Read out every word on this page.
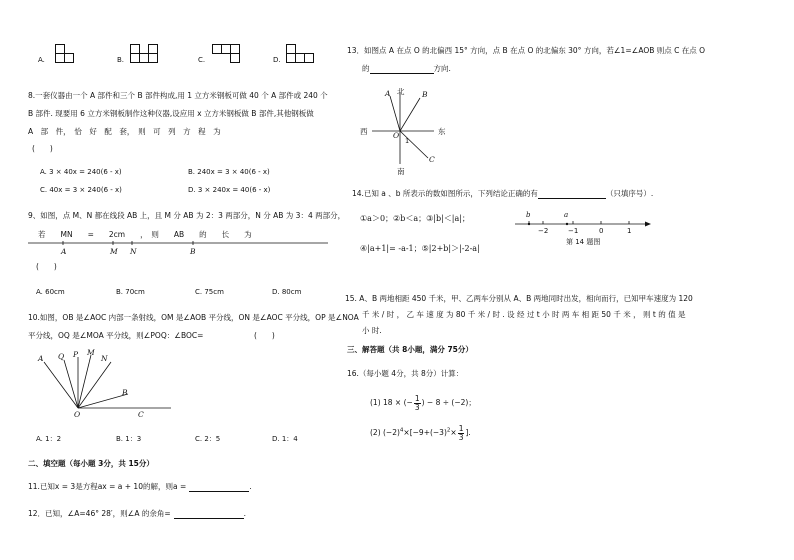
A.	B.	C.	D.
8.一套仪器由一个 A 部件和三个 B 部件构成,用 1 立方米钢板可做 40 个 A 部件或 240 个
B 部件. 现要用 6 立方米钢板制作这种仪器,设应用 x 立方米钢板做 B 部件,其他钢板做
A　部　件，　恰　好　配　套，　则　可　列　方　程　为
(　　)
A. 3 × 40x = 240(6 - x)	B. 240x = 3 × 40(6 - x)
C. 40x = 3 × 240(6 - x)	D. 3 × 240x = 40(6 - x)
9、如图，点 M、N 都在线段 AB 上，且 M 分 AB 为 2：3 两部分，N 分 AB 为 3：4 两部分，
若　　MN　　=　　2cm　　，　则　　AB　　的　　长　　为
A	M N	B
(　　)
A. 60cm	B. 70cm	C. 75cm	D. 80cm
10.如图，OB 是∠AOC 内部一条射线，OM 是∠AOB 平分线，ON 是∠AOC 平分线，OP 是∠NOA
平分线，OQ 是∠MOA 平分线，则∠POQ：∠BOC=	(　　)
A Q P M
N
B
O	C
A. 1：2	B. 1：3	C. 2：5	D. 1：4
二、填空题（每小题 3分，共 15分）
11.已知x = 3是方程ax = a + 10的解，则a =	.
12．已知，∠A=46° 28′，则∠A 的余角=	.
13．如图点 A 在点 O 的北偏西 15° 方向，点 B 在点 O 的北偏东 30° 方向，若∠1=∠AOB 则点 C 在点 O
的	方向.
北
南
西	东
A	B
C
O
1
14.已知 a 、b 所表示的数如图所示，下列结论正确的有	（只填序号）.
①a＞0；②b＜a；③|b|＜|a|；
④|a+1|= -a-1；⑤|2+b|＞|-2-a|
b	a
−2	−1	0	1
第 14 题图
15. A、B 两地相距 450 千米，甲、乙两车分别从 A、B 两地同时出发，相向而行，已知甲车速度为 120
千 米 / 时 ， 乙 车 速 度 为 80 千 米 / 时 . 设 经 过 t 小 时 两 车 相 距 50 千 米 ， 则 t 的 值 是
小 时.
三、解答题（共 8小题，满分 75分）
16.（每小题 4分，共 8分）计算：
(1) 18 × (− $\frac{1}{3}$ ) − 8 ÷ (−2)；
(2) $(-2)^4\times[-9+(-3)^2\times \frac{1}{3}$ ].
